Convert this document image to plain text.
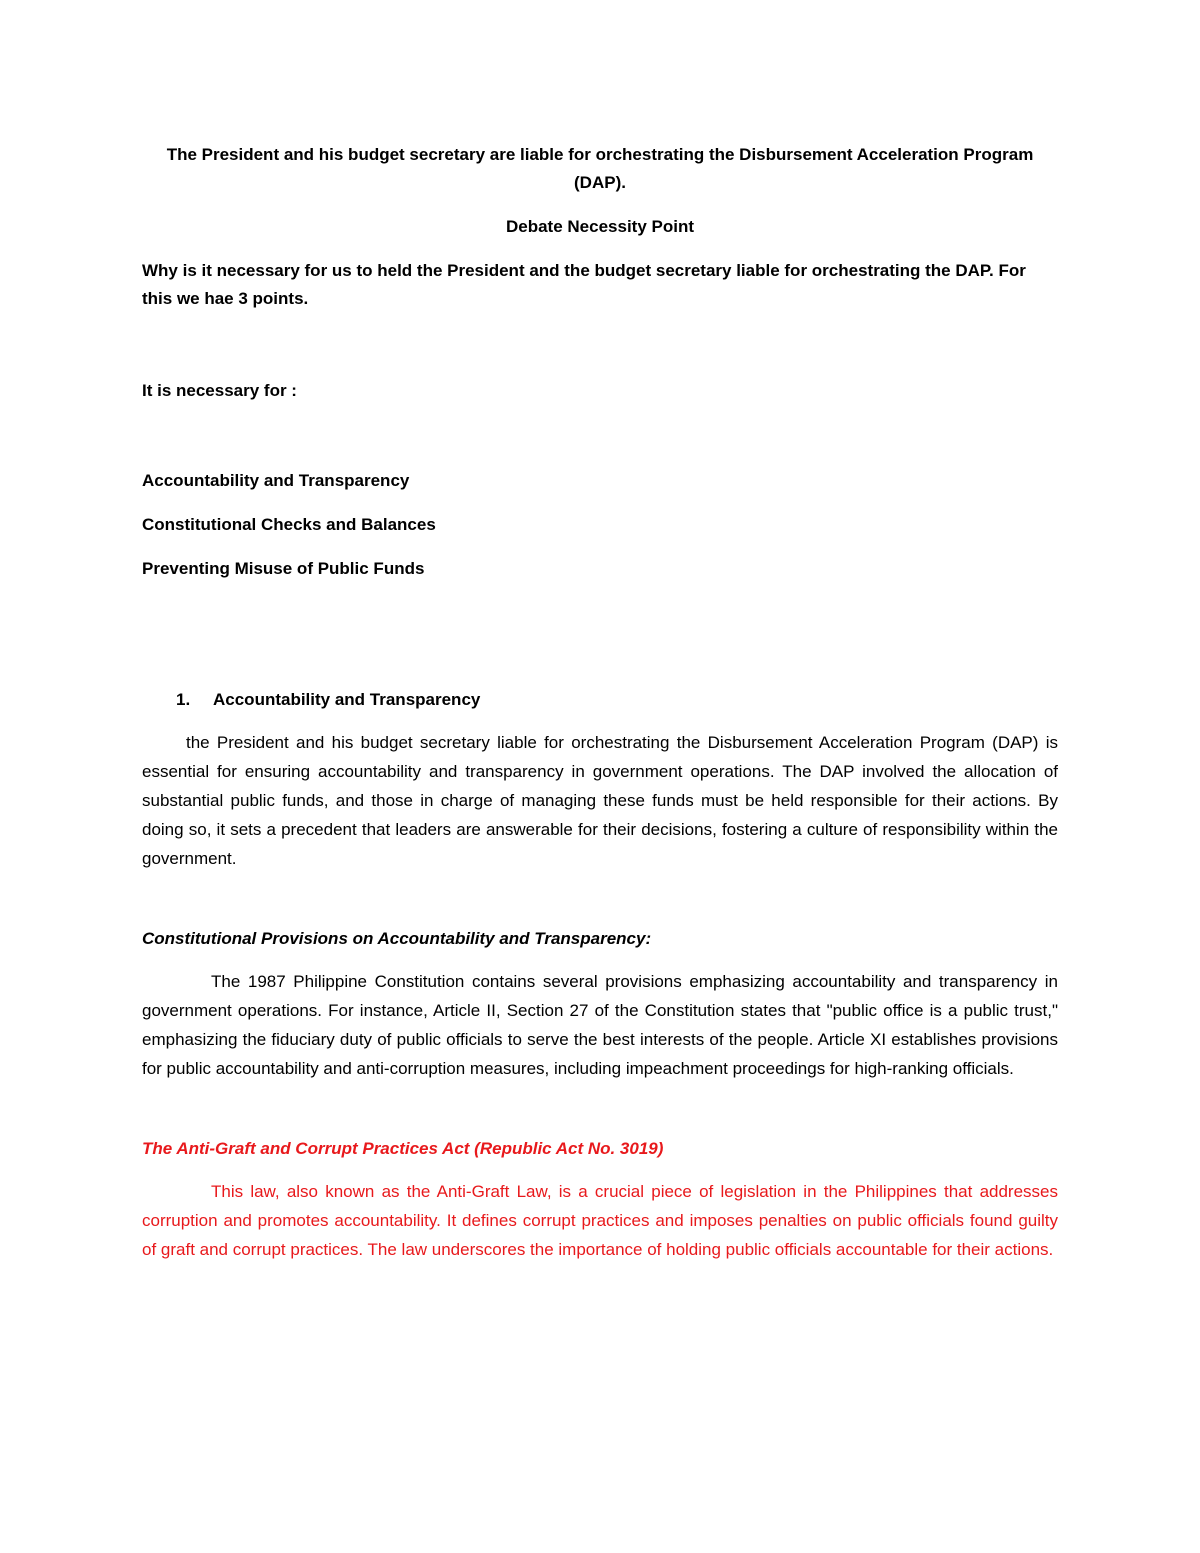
The President and his budget secretary are liable for orchestrating the Disbursement Acceleration Program (DAP).

Debate Necessity Point

Why is it necessary for us to held the President and the budget secretary liable for orchestrating the DAP. For this we hae 3 points.

It is necessary for :

Accountability and Transparency
Constitutional Checks and Balances
Preventing Misuse of Public Funds
1.	Accountability and Transparency

the President and his budget secretary liable for orchestrating the Disbursement Acceleration Program (DAP) is essential for ensuring accountability and transparency in government operations. The DAP involved the allocation of substantial public funds, and those in charge of managing these funds must be held responsible for their actions. By doing so, it sets a precedent that leaders are answerable for their decisions, fostering a culture of responsibility within the government.

Constitutional Provisions on Accountability and Transparency:

The 1987 Philippine Constitution contains several provisions emphasizing accountability and transparency in government operations. For instance, Article II, Section 27 of the Constitution states that "public office is a public trust," emphasizing the fiduciary duty of public officials to serve the best interests of the people. Article XI establishes provisions for public accountability and anti-corruption measures, including impeachment proceedings for high-ranking officials.

The Anti-Graft and Corrupt Practices Act (Republic Act No. 3019)

This law, also known as the Anti-Graft Law, is a crucial piece of legislation in the Philippines that addresses corruption and promotes accountability. It defines corrupt practices and imposes penalties on public officials found guilty of graft and corrupt practices. The law underscores the importance of holding public officials accountable for their actions.
